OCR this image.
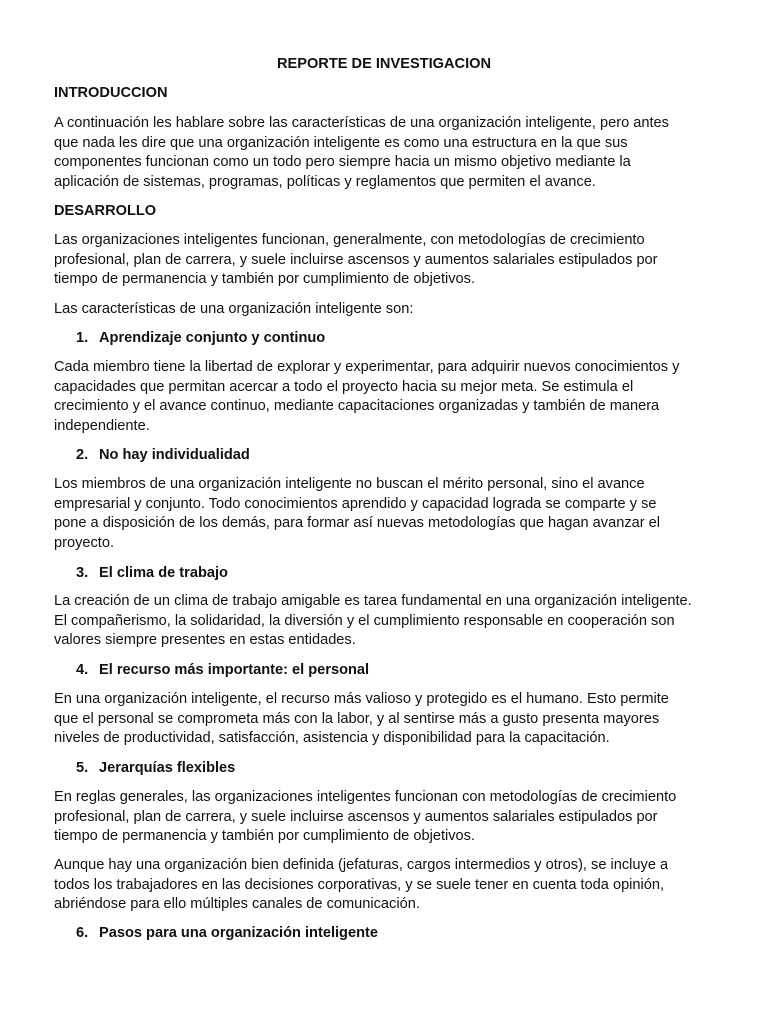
REPORTE DE INVESTIGACION
INTRODUCCION
A continuación les hablare sobre las características de una organización inteligente, pero antes
que nada les dire que una organización inteligente es como una estructura en la que sus
componentes funcionan como un todo pero siempre hacia un mismo objetivo mediante la
aplicación de sistemas, programas, políticas y reglamentos que permiten el avance.
DESARROLLO
Las organizaciones inteligentes funcionan, generalmente, con metodologías de crecimiento
profesional, plan de carrera, y suele incluirse ascensos y aumentos salariales estipulados por
tiempo de permanencia y también por cumplimiento de objetivos.
Las características de una organización inteligente son:
1. Aprendizaje conjunto y continuo
Cada miembro tiene la libertad de explorar y experimentar, para adquirir nuevos conocimientos y
capacidades que permitan acercar a todo el proyecto hacia su mejor meta. Se estimula el
crecimiento y el avance continuo, mediante capacitaciones organizadas y también de manera
independiente.
2. No hay individualidad
Los miembros de una organización inteligente no buscan el mérito personal, sino el avance
empresarial y conjunto. Todo conocimientos aprendido y capacidad lograda se comparte y se
pone a disposición de los demás, para formar así nuevas metodologías que hagan avanzar el
proyecto.
3. El clima de trabajo
La creación de un clima de trabajo amigable es tarea fundamental en una organización inteligente.
El compañerismo, la solidaridad, la diversión y el cumplimiento responsable en cooperación son
valores siempre presentes en estas entidades.
4. El recurso más importante: el personal
En una organización inteligente, el recurso más valioso y protegido es el humano. Esto permite
que el personal se comprometa más con la labor, y al sentirse más a gusto presenta mayores
niveles de productividad, satisfacción, asistencia y disponibilidad para la capacitación.
5. Jerarquías flexibles
En reglas generales, las organizaciones inteligentes funcionan con metodologías de crecimiento
profesional, plan de carrera, y suele incluirse ascensos y aumentos salariales estipulados por
tiempo de permanencia y también por cumplimiento de objetivos.
Aunque hay una organización bien definida (jefaturas, cargos intermedios y otros), se incluye a
todos los trabajadores en las decisiones corporativas, y se suele tener en cuenta toda opinión,
abriéndose para ello múltiples canales de comunicación.
6. Pasos para una organización inteligente
